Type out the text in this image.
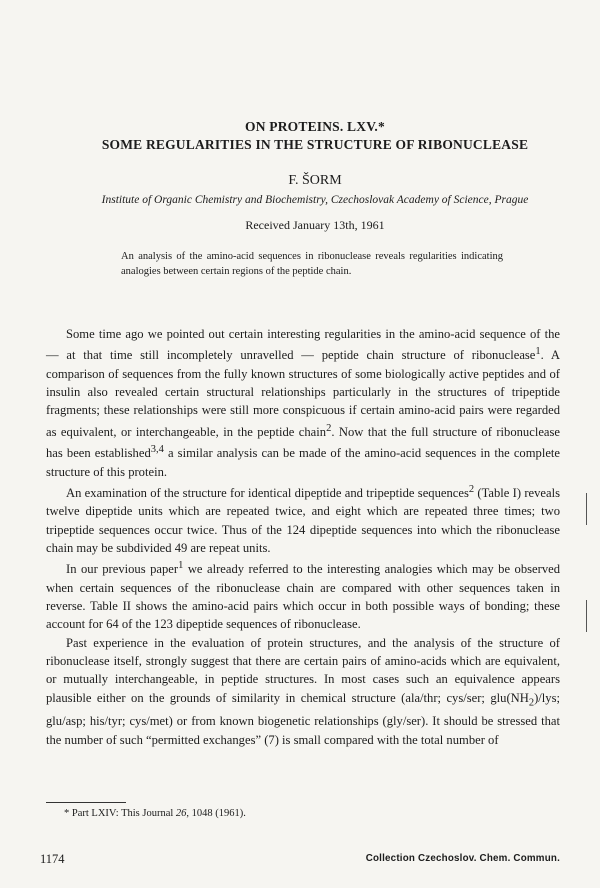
ON PROTEINS. LXV.*
SOME REGULARITIES IN THE STRUCTURE OF RIBONUCLEASE
F. ŠORM
Institute of Organic Chemistry and Biochemistry, Czechoslovak Academy of Science, Prague
Received January 13th, 1961
An analysis of the amino-acid sequences in ribonuclease reveals regularities indicating analogies between certain regions of the peptide chain.

Some time ago we pointed out certain interesting regularities in the amino-acid sequence of the — at that time still incompletely unravelled — peptide chain structure of ribonuclease$^1$. A comparison of sequences from the fully known structures of some biologically active peptides and of insulin also revealed certain structural relationships particularly in the structures of tripeptide fragments; these relationships were still more conspicuous if certain amino-acid pairs were regarded as equivalent, or interchangeable, in the peptide chain$^2$. Now that the full structure of ribonuclease has been established$^{3,4}$ a similar analysis can be made of the amino-acid sequences in the complete structure of this protein.

An examination of the structure for identical dipeptide and tripeptide sequences$^2$ (Table I) reveals twelve dipeptide units which are repeated twice, and eight which are repeated three times; two tripeptide sequences occur twice. Thus of the 124 dipeptide sequences into which the ribonuclease chain may be subdivided 49 are repeat units.

In our previous paper$^1$ we already referred to the interesting analogies which may be observed when certain sequences of the ribonuclease chain are compared with other sequences taken in reverse. Table II shows the amino-acid pairs which occur in both possible ways of bonding; these account for 64 of the 123 dipeptide sequences of ribonuclease.

Past experience in the evaluation of protein structures, and the analysis of the structure of ribonuclease itself, strongly suggest that there are certain pairs of amino-acids which are equivalent, or mutually interchangeable, in peptide structures. In most cases such an equivalence appears plausible either on the grounds of similarity in chemical structure (ala/thr; cys/ser; $glu(NH_2)$/lys; glu/asp; his/tyr; cys/met) or from known biogenetic relationships (gly/ser). It should be stressed that the number of such “permitted exchanges” (7) is small compared with the total number of

* Part LXIV: This Journal 26, 1048 (1961).
1174	Collection Czechoslov. Chem. Commun.
